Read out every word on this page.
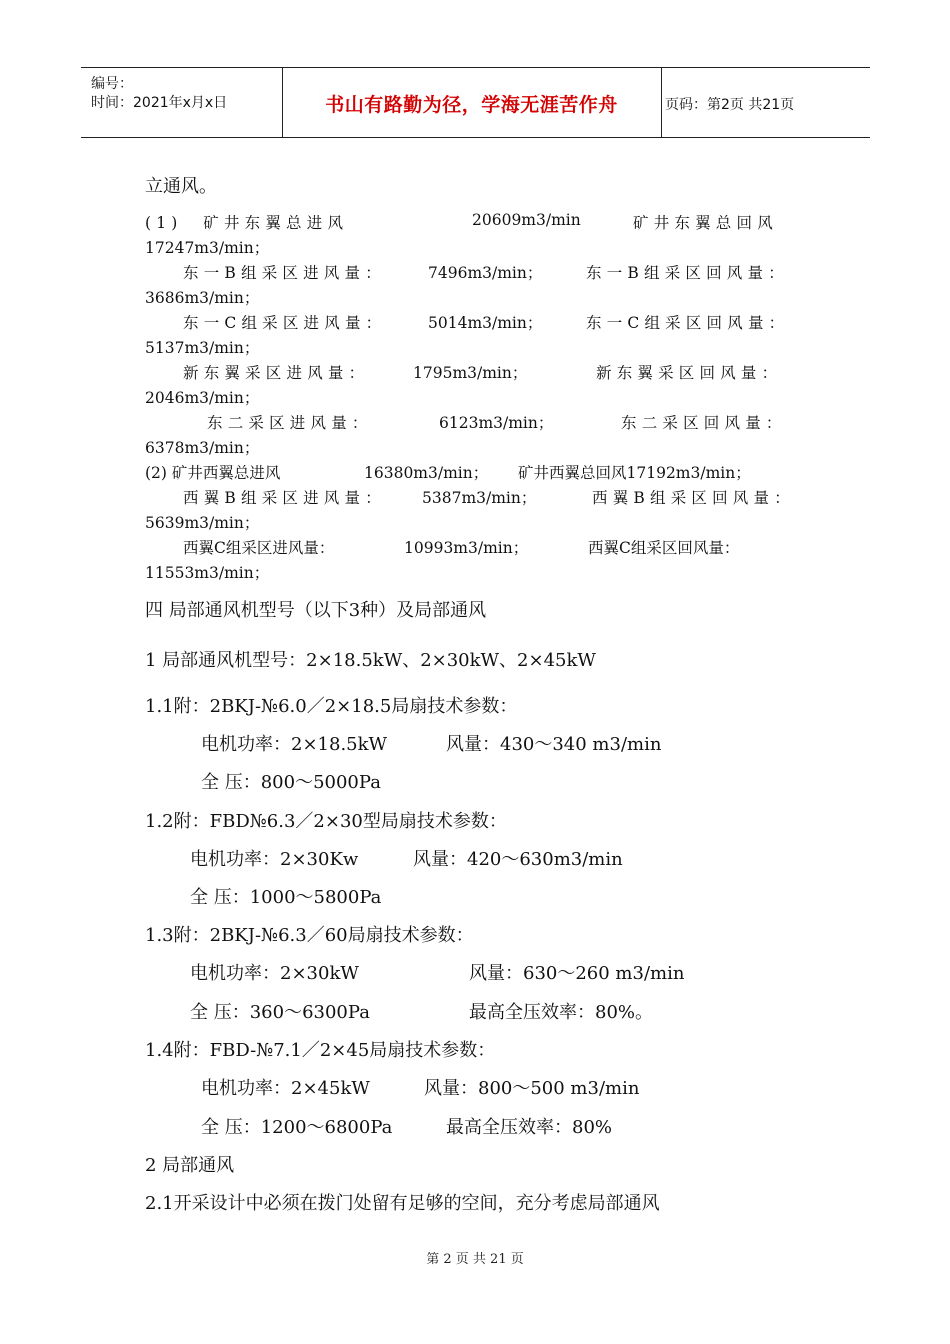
编号：
时间：2021年x月x日	书山有路勤为径，学海无涯苦作舟	页码：第2页 共21页
立通风。
(1)　矿井东翼总进风	20609m3/min	矿井东翼总回风
17247m3/min；
东一B组采区进风量：	7496m3/min；	东一B组采区回风量：
3686m3/min；
东一C组采区进风量：	5014m3/min；	东一C组采区回风量：
5137m3/min；
新东翼采区进风量：	1795m3/min；	新东翼采区回风量：
2046m3/min；
东二采区进风量：	6123m3/min；	东二采区回风量：
6378m3/min；
(2) 矿井西翼总进风	16380m3/min； 矿井西翼总回风17192m3/min；
西翼B组采区进风量： 5387m3/min；	西翼B组采区回风量：
5639m3/min；
西翼C组采区进风量：	10993m3/min；	西翼C组采区回风量：
11553m3/min；
四 局部通风机型号（以下3种）及局部通风
1 局部通风机型号：2×18.5kW、2×30kW、2×45kW
1.1附：2BKJ-№6.0／2×18.5局扇技术参数：
电机功率：2×18.5kW	风量：430～340 m3/min
全 压：800～5000Pa
1.2附：FBD№6.3／2×30型局扇技术参数：
电机功率：2×30Kw	风量：420～630m3/min
全 压：1000～5800Pa
1.3附：2BKJ-№6.3／60局扇技术参数：
电机功率：2×30kW	风量：630～260 m3/min
全 压：360～6300Pa	最高全压效率：80%。
1.4附：FBD-№7.1／2×45局扇技术参数：
电机功率：2×45kW	风量：800～500 m3/min
全 压：1200～6800Pa	最高全压效率：80%
2 局部通风
2.1开采设计中必须在拨门处留有足够的空间，充分考虑局部通风
第 2 页 共 21 页
